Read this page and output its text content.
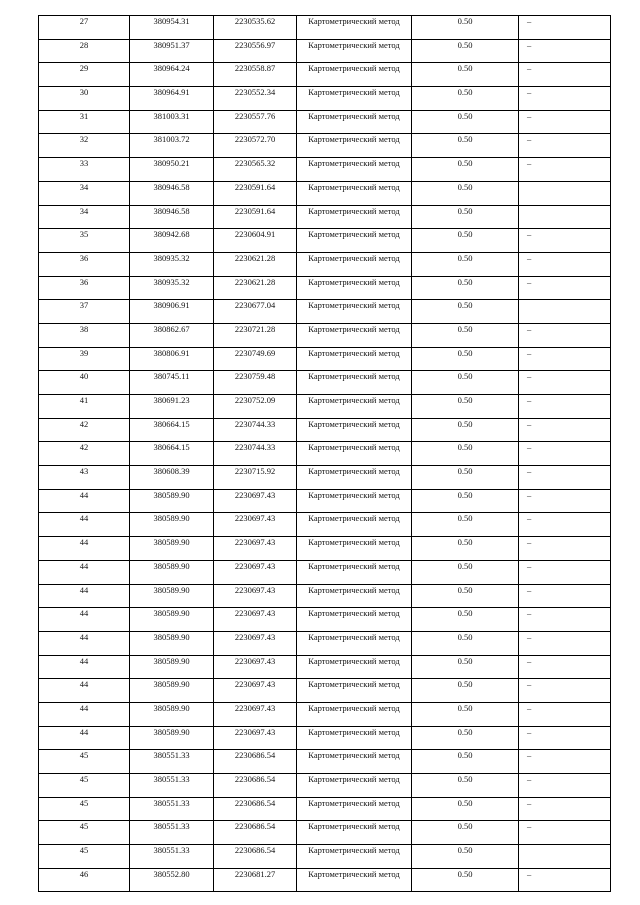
27	380954.31	2230535.62	Картометрический метод	0.50	–
28	380951.37	2230556.97	Картометрический метод	0.50	–
29	380964.24	2230558.87	Картометрический метод	0.50	–
30	380964.91	2230552.34	Картометрический метод	0.50	–
31	381003.31	2230557.76	Картометрический метод	0.50	–
32	381003.72	2230572.70	Картометрический метод	0.50	–
33	380950.21	2230565.32	Картометрический метод	0.50	–
34	380946.58	2230591.64	Картометрический метод	0.50	
34	380946.58	2230591.64	Картометрический метод	0.50	
35	380942.68	2230604.91	Картометрический метод	0.50	–
36	380935.32	2230621.28	Картометрический метод	0.50	–
36	380935.32	2230621.28	Картометрический метод	0.50	–
37	380906.91	2230677.04	Картометрический метод	0.50	
38	380862.67	2230721.28	Картометрический метод	0.50	–
39	380806.91	2230749.69	Картометрический метод	0.50	–
40	380745.11	2230759.48	Картометрический метод	0.50	–
41	380691.23	2230752.09	Картометрический метод	0.50	–
42	380664.15	2230744.33	Картометрический метод	0.50	–
42	380664.15	2230744.33	Картометрический метод	0.50	–
43	380608.39	2230715.92	Картометрический метод	0.50	–
44	380589.90	2230697.43	Картометрический метод	0.50	–
44	380589.90	2230697.43	Картометрический метод	0.50	–
44	380589.90	2230697.43	Картометрический метод	0.50	–
44	380589.90	2230697.43	Картометрический метод	0.50	–
44	380589.90	2230697.43	Картометрический метод	0.50	–
44	380589.90	2230697.43	Картометрический метод	0.50	–
44	380589.90	2230697.43	Картометрический метод	0.50	–
44	380589.90	2230697.43	Картометрический метод	0.50	–
44	380589.90	2230697.43	Картометрический метод	0.50	–
44	380589.90	2230697.43	Картометрический метод	0.50	–
44	380589.90	2230697.43	Картометрический метод	0.50	–
45	380551.33	2230686.54	Картометрический метод	0.50	–
45	380551.33	2230686.54	Картометрический метод	0.50	–
45	380551.33	2230686.54	Картометрический метод	0.50	–
45	380551.33	2230686.54	Картометрический метод	0.50	–
45	380551.33	2230686.54	Картометрический метод	0.50	
46	380552.80	2230681.27	Картометрический метод	0.50	–
